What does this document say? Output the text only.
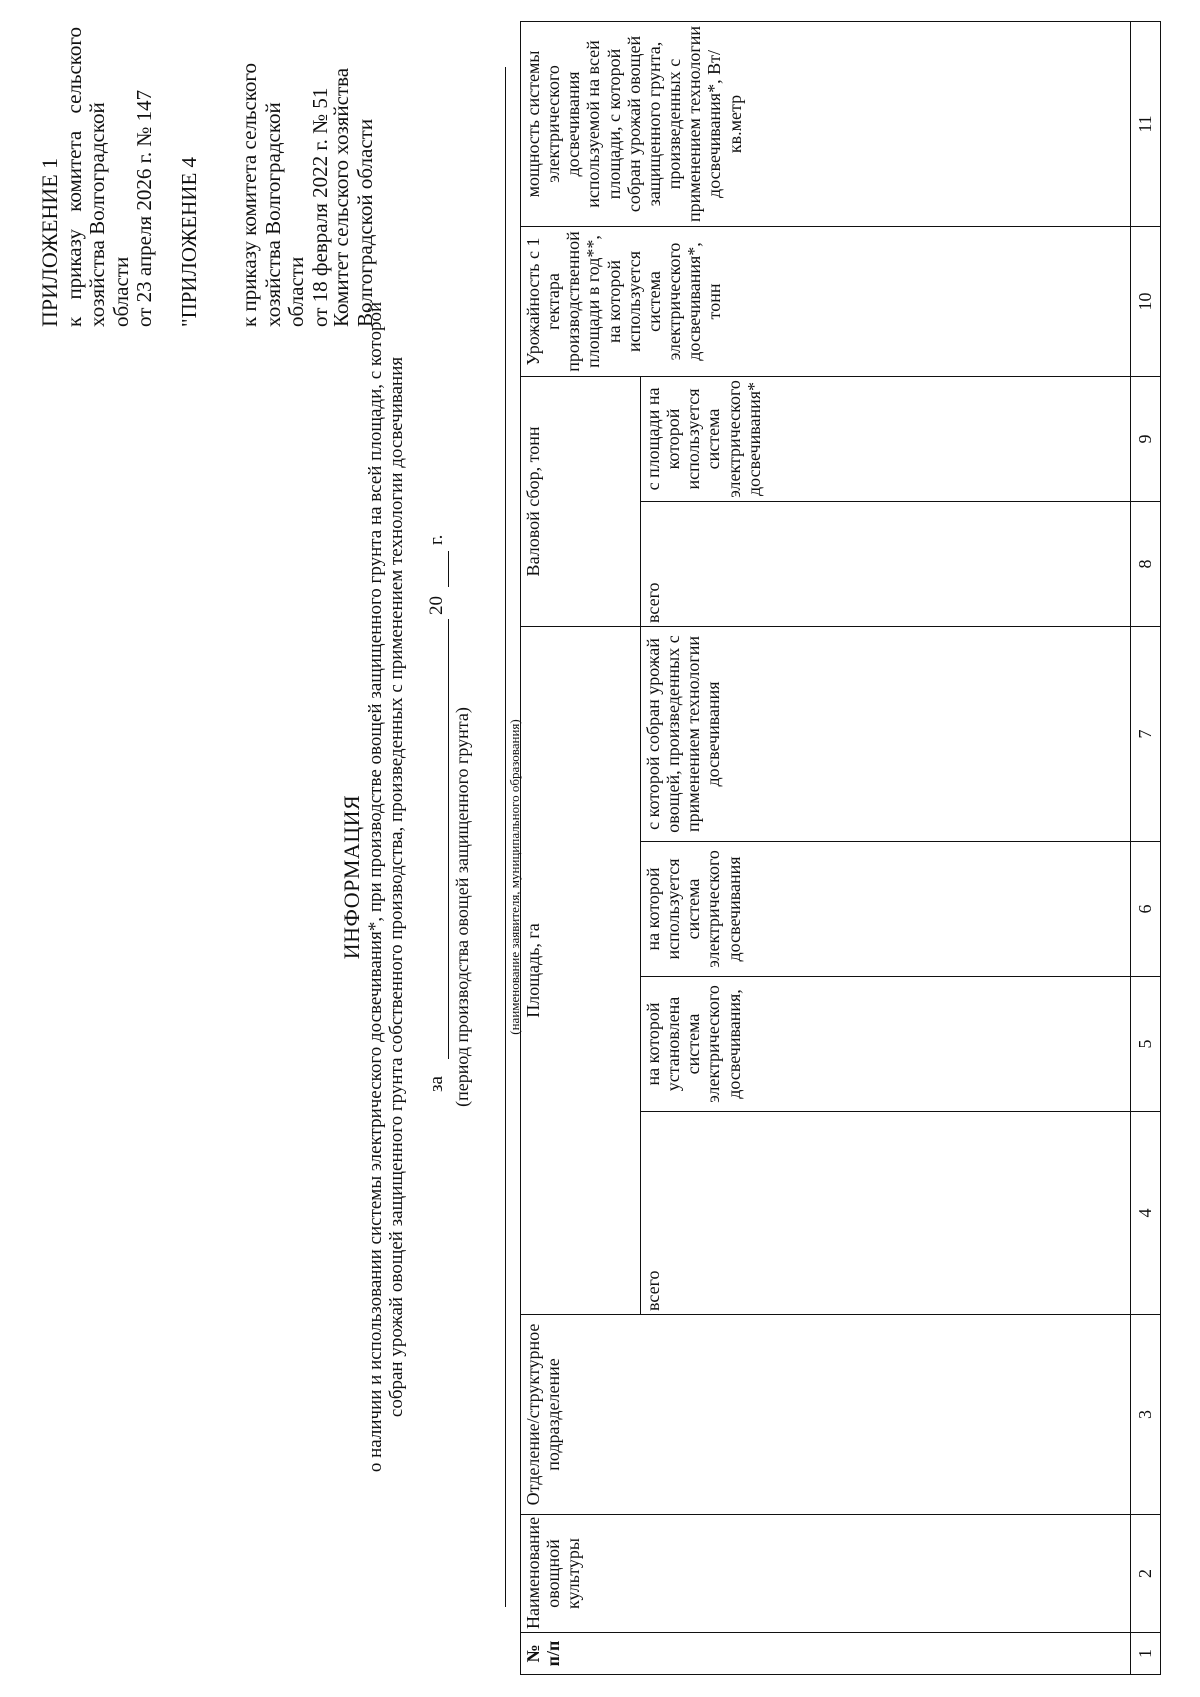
ПРИЛОЖЕНИЕ 1 к приказу комитета сельского хозяйства Волгоградской области от 23 апреля 2026 г. № 147 "ПРИЛОЖЕНИЕ 4 к приказу комитета сельского хозяйства Волгоградской области от 18 февраля 2022 г. № 51
Комитет сельского хозяйства Волгоградской области
ИНФОРМАЦИЯ о наличии и использовании системы электрического досвечивания*, при производстве овощей защищенного грунта на всей площади, с которой собран урожай овощей защищенного грунта собственного производства, произведенных с применением технологии досвечивания за
20
г.
(период производства овощей защищенного грунта)	(наименование заявителя, муниципального образования)
№ п/п	Наименование овощной культуры	Отделение/структурное подразделение	Площадь, га				Валовой сбор, тонн		Урожайность с 1 гектара производственной площади в год**, на которой используется система электрического досвечивания*, тонн	мощность системы электрического досвечивания используемой на всей площади, с которой собран урожай овощей защищенного грунта, произведенных с применением технологии досвечивания*, Вт/кв.метр
			всего	на которой установлена система электрического досвечивания,	на которой используется система электрического досвечивания	с которой собран урожай овощей, произведенных с применением технологии досвечивания	всего	с площади на которой используется система электрического досвечивания*		
1	2	3	4	5	6	7	8	9	10	11
